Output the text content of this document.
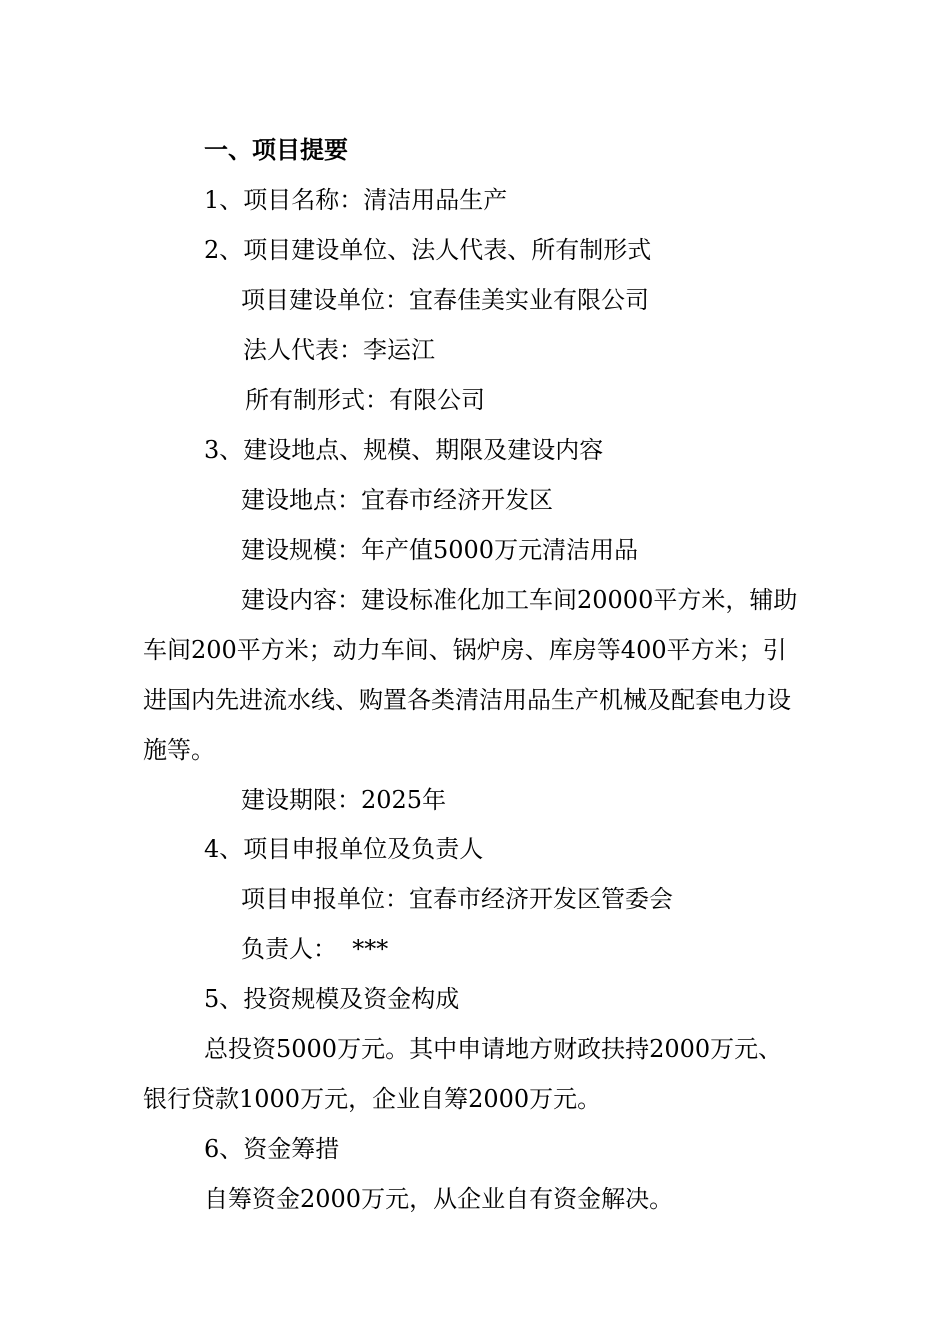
一、项目提要
1、项目名称：清洁用品生产
2、项目建设单位、法人代表、所有制形式
项目建设单位：宜春佳美实业有限公司
法人代表：李运江
所有制形式：有限公司
3、建设地点、规模、期限及建设内容
建设地点：宜春市经济开发区
建设规模：年产值5000万元清洁用品
建设内容：建设标准化加工车间20000平方米，辅助
车间200平方米；动力车间、锅炉房、库房等400平方米；引
进国内先进流水线、购置各类清洁用品生产机械及配套电力设
施等。
建设期限：2025年
4、项目申报单位及负责人
项目申报单位：宜春市经济开发区管委会
负责人：  ***
5、投资规模及资金构成
总投资5000万元。其中申请地方财政扶持2000万元、
银行贷款1000万元，企业自筹2000万元。
6、资金筹措
自筹资金2000万元，从企业自有资金解决。
